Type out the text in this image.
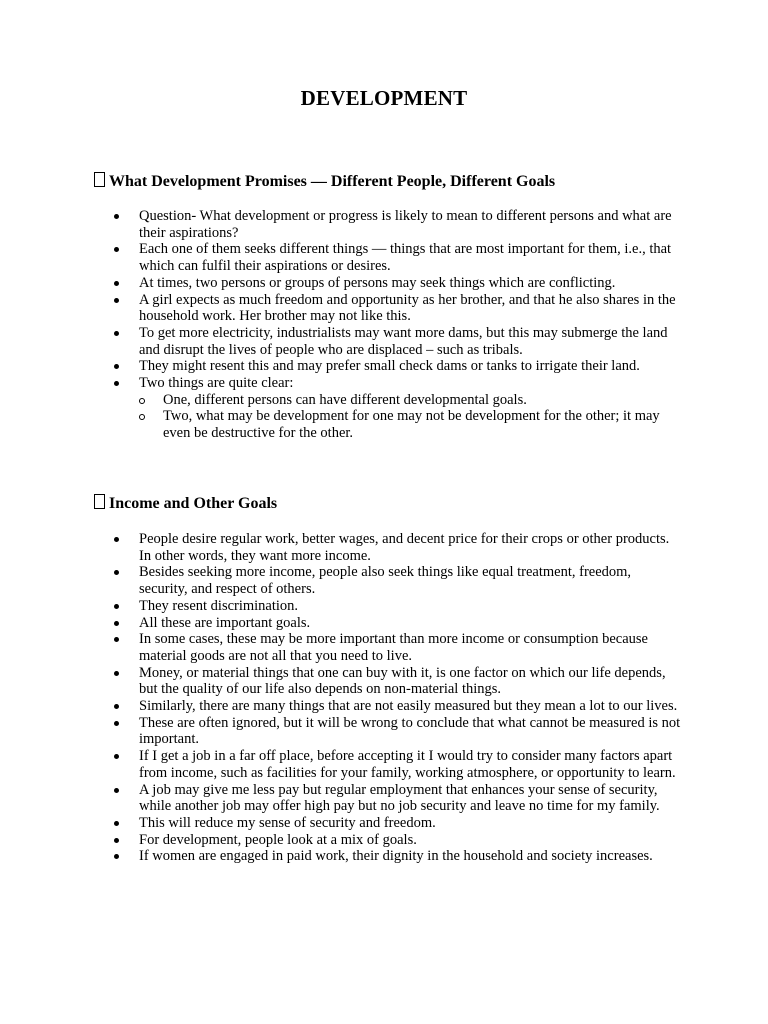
DEVELOPMENT
What Development Promises — Different People, Different Goals
Question- What development or progress is likely to mean to different persons and what are their aspirations?
Each one of them seeks different things — things that are most important for them, i.e., that which can fulfil their aspirations or desires.
At times, two persons or groups of persons may seek things which are conflicting.
A girl expects as much freedom and opportunity as her brother, and that he also shares in the household work. Her brother may not like this.
To get more electricity, industrialists may want more dams, but this may submerge the land and disrupt the lives of people who are displaced – such as tribals.
They might resent this and may prefer small check dams or tanks to irrigate their land.
Two things are quite clear:
One, different persons can have different developmental goals.
Two, what may be development for one may not be development for the other; it may even be destructive for the other.
Income and Other Goals
People desire regular work, better wages, and decent price for their crops or other products. In other words, they want more income.
Besides seeking more income, people also seek things like equal treatment, freedom, security, and respect of others.
They resent discrimination.
All these are important goals.
In some cases, these may be more important than more income or consumption because material goods are not all that you need to live.
Money, or material things that one can buy with it, is one factor on which our life depends, but the quality of our life also depends on non-material things.
Similarly, there are many things that are not easily measured but they mean a lot to our lives.
These are often ignored, but it will be wrong to conclude that what cannot be measured is not important.
If I get a job in a far off place, before accepting it I would try to consider many factors apart from income, such as facilities for your family, working atmosphere, or opportunity to learn.
A job may give me less pay but regular employment that enhances your sense of security, while another job may offer high pay but no job security and leave no time for my family.
This will reduce my sense of security and freedom.
For development, people look at a mix of goals.
If women are engaged in paid work, their dignity in the household and society increases.
